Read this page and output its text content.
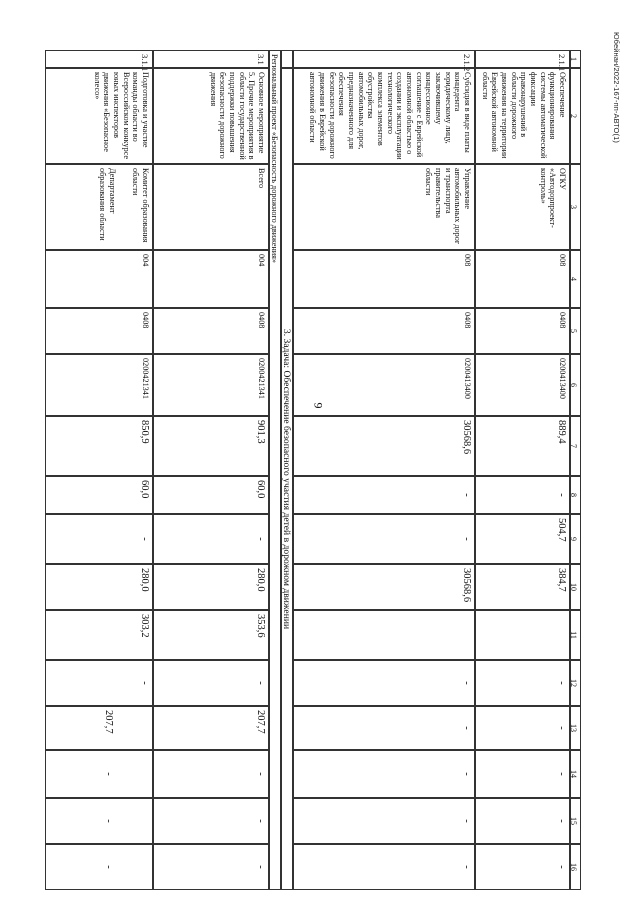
9
Юбейнан/2022-167-пп-АВТО(1)
1
2
3
4
5
6
7
8
9
10
11
12
13
14
15
16
2.1.1
Обеспечение функционирования системы автоматической фиксации правонарушений в области дорожного движения на территории Еврейской автономной области
ОГКУ «Автодорпроект-контроль»
008
0408
0200413400
889,4
-
504,7
384,7
-
-
-
-
-
2.1.2
Субсидия в виде платы концедента юридическому лицу, заключившему концессионное соглашение с Еврейской автономной областью о создании и эксплуатации технологического комплекса элементов обустройства автомобильных дорог, предназначенного для обеспечения безопасности дорожного движения в Еврейской автономной области
Управление автомобильных дорог и транспорта правительства области
008
0408
0200413400
30568,6
-
-
30568,6
-
-
-
-
-
3. Задача: Обеспечение безопасного участия детей в дорожном движении
Региональный проект «Безопасность дорожного движения»
3.1
Основное мероприятие 5. Прочие мероприятия в области государственной поддержки повышения безопасности дорожного движения
Всего
004
0408
0200421341
901,3
60,0
-
280,0
353,6
-
207,7
-
-
-
3.1.1
Подготовка и участие команды области во Всероссийском конкурсе юных инспекторов движения «Безопасное колесо»
Комитет образования области
Департамент образования области
004
0408
0200421341
850,9
60,0
-
280,0
303,2
-
207,7
-
-
-
